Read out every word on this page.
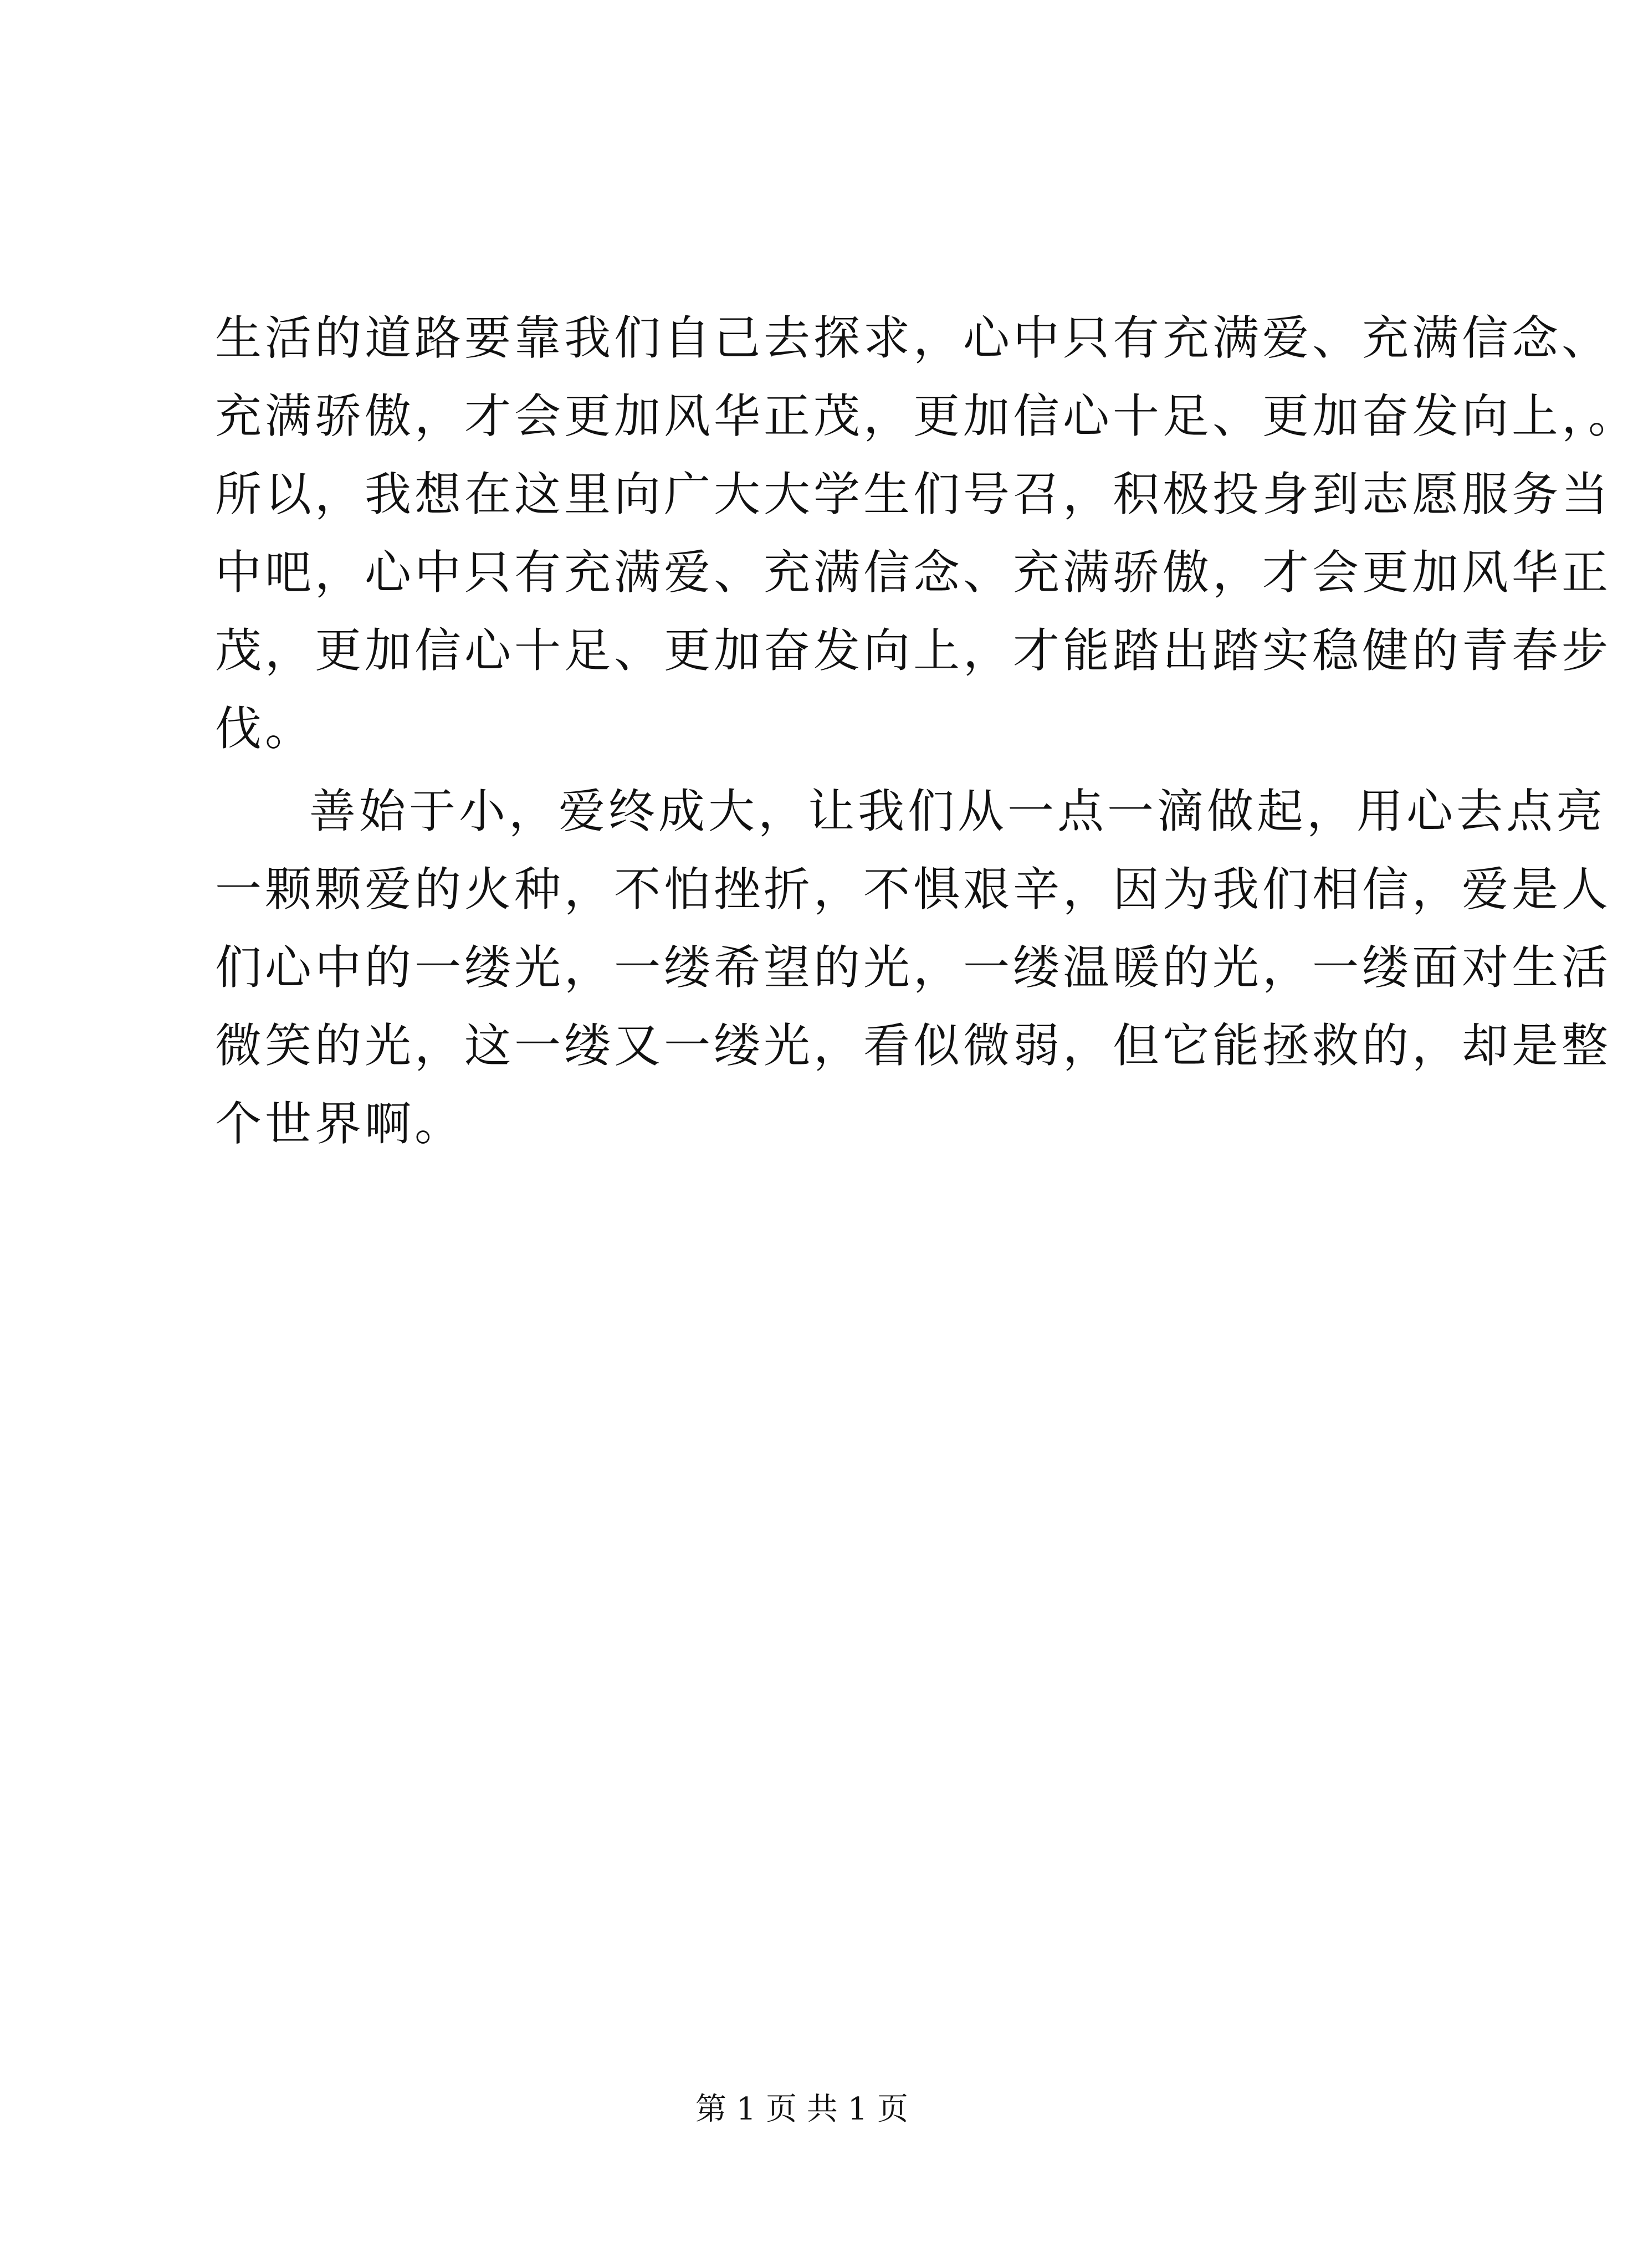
生活的道路要靠我们自己去探求，心中只有充满爱、充满信念、
充满骄傲，才会更加风华正茂，更加信心十足、更加奋发向上，。
所以，我想在这里向广大大学生们号召，积极投身到志愿服务当
中吧，心中只有充满爱、充满信念、充满骄傲，才会更加风华正
茂，更加信心十足、更加奋发向上，才能踏出踏实稳健的青春步
伐。
善始于小，爱终成大，让我们从一点一滴做起，用心去点亮
一颗颗爱的火种，不怕挫折，不惧艰辛，因为我们相信，爱是人
们心中的一缕光，一缕希望的光，一缕温暖的光，一缕面对生活
微笑的光，这一缕又一缕光，看似微弱，但它能拯救的，却是整
个世界啊。
第 1 页 共 1 页
